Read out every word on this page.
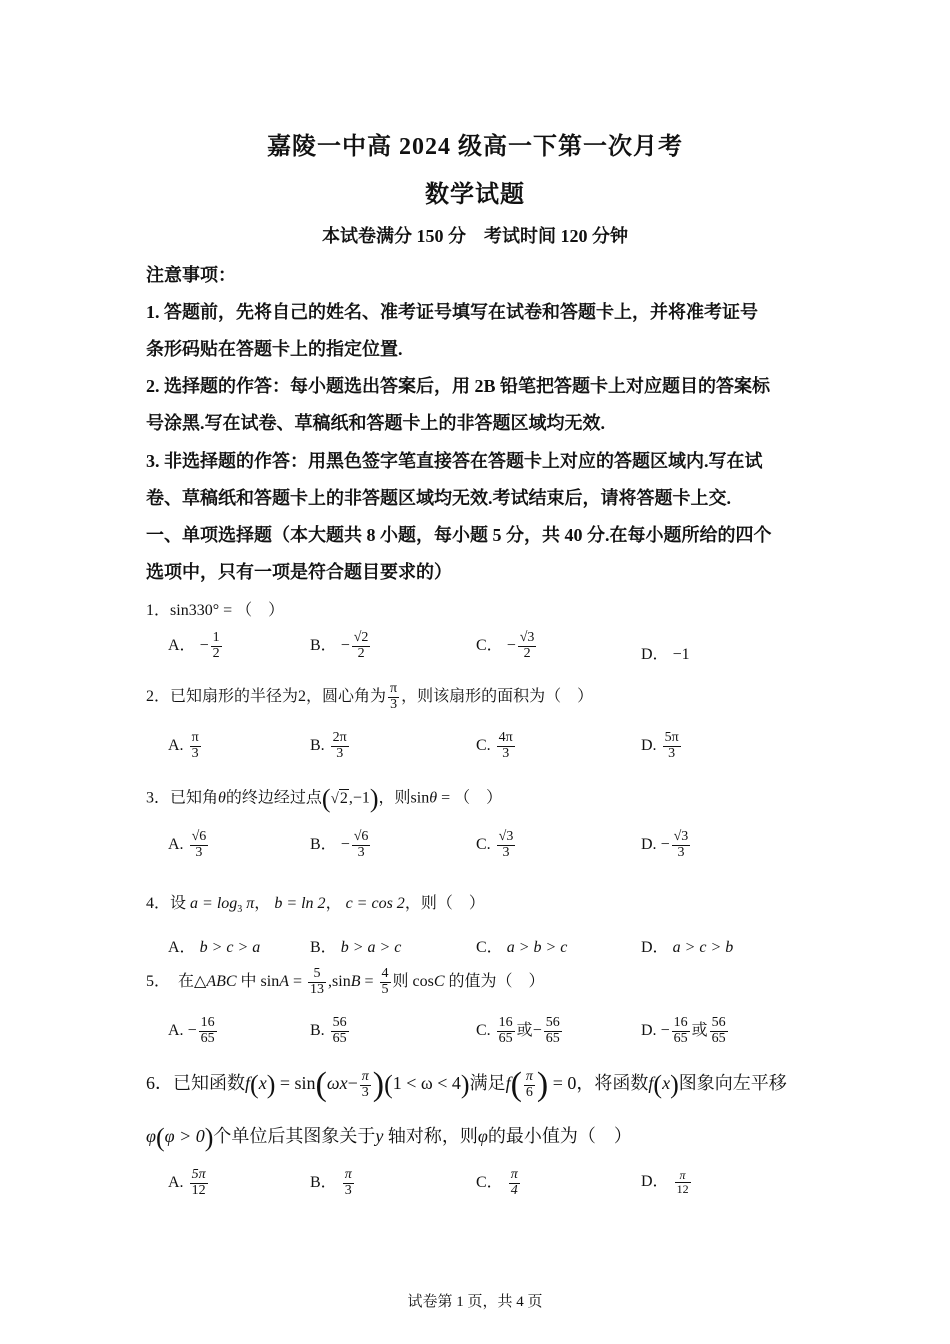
嘉陵一中高 2024 级高一下第一次月考
数学试题
本试卷满分 150 分　考试时间 120 分钟
注意事项：
1. 答题前，先将自己的姓名、准考证号填写在试卷和答题卡上，并将准考证号
条形码贴在答题卡上的指定位置.
2. 选择题的作答：每小题选出答案后，用 2B 铅笔把答题卡上对应题目的答案标
号涂黑.写在试卷、草稿纸和答题卡上的非答题区域均无效.
3. 非选择题的作答：用黑色签字笔直接答在答题卡上对应的答题区域内.写在试
卷、草稿纸和答题卡上的非答题区域均无效.考试结束后，请将答题卡上交.
一、单项选择题（本大题共 8 小题，每小题 5 分，共 40 分.在每小题所给的四个
选项中，只有一项是符合题目要求的）
1．sin330° = （　）
A． − $\frac{1}{2}$	B． − $\frac{√2}{2}$	C． − $\frac{√3}{2}$	D． −1
2．已知扇形的半径为2，圆心角为 $\frac{\pi}{3}$ ，则该扇形的面积为（　）
A. $\frac{\pi}{3}$	B. $\frac{2\pi}{3}$	C. $\frac{4\pi}{3}$	D. $\frac{5\pi}{3}$
3．已知角θ的终边经过点(√2,−1)，则sinθ = （　）
A. $\frac{√6}{3}$	B． − $\frac{√6}{3}$	C. $\frac{√3}{3}$	D. − $\frac{√3}{3}$
4．设 $a = \log_3 \pi$， b = ln 2， c = cos 2，则（　）
A． b > c > a	B． b > a > c	C． a > b > c	D． a > c > b
5． 在△ABC 中 $\sin A = \frac{5}{13} ,\sin B = \frac{4}{5}$ 则 cosC 的值为（　）
A. − $\frac{16}{65}$	B. $\frac{56}{65}$	C. $\frac{16}{65}$ 或− $\frac{56}{65}$	D. − $\frac{16}{65}$ 或 $\frac{56}{65}$
6．已知函数$f(x) = \sin(\omega x- \frac{\pi}{3} )(1 < \omega < 4)$满足$f( \frac{\pi}{6}$ ) = 0，将函数f(x)图象向左平移
φ(φ > 0)个单位后其图象关于y 轴对称，则φ的最小值为（　）
A. $\frac{5\pi}{12}$	B． $\frac{\pi}{3}$	C． $\frac{\pi}{4}$	D． $\frac{\pi}{12}$
试卷第 1 页，共 4 页
